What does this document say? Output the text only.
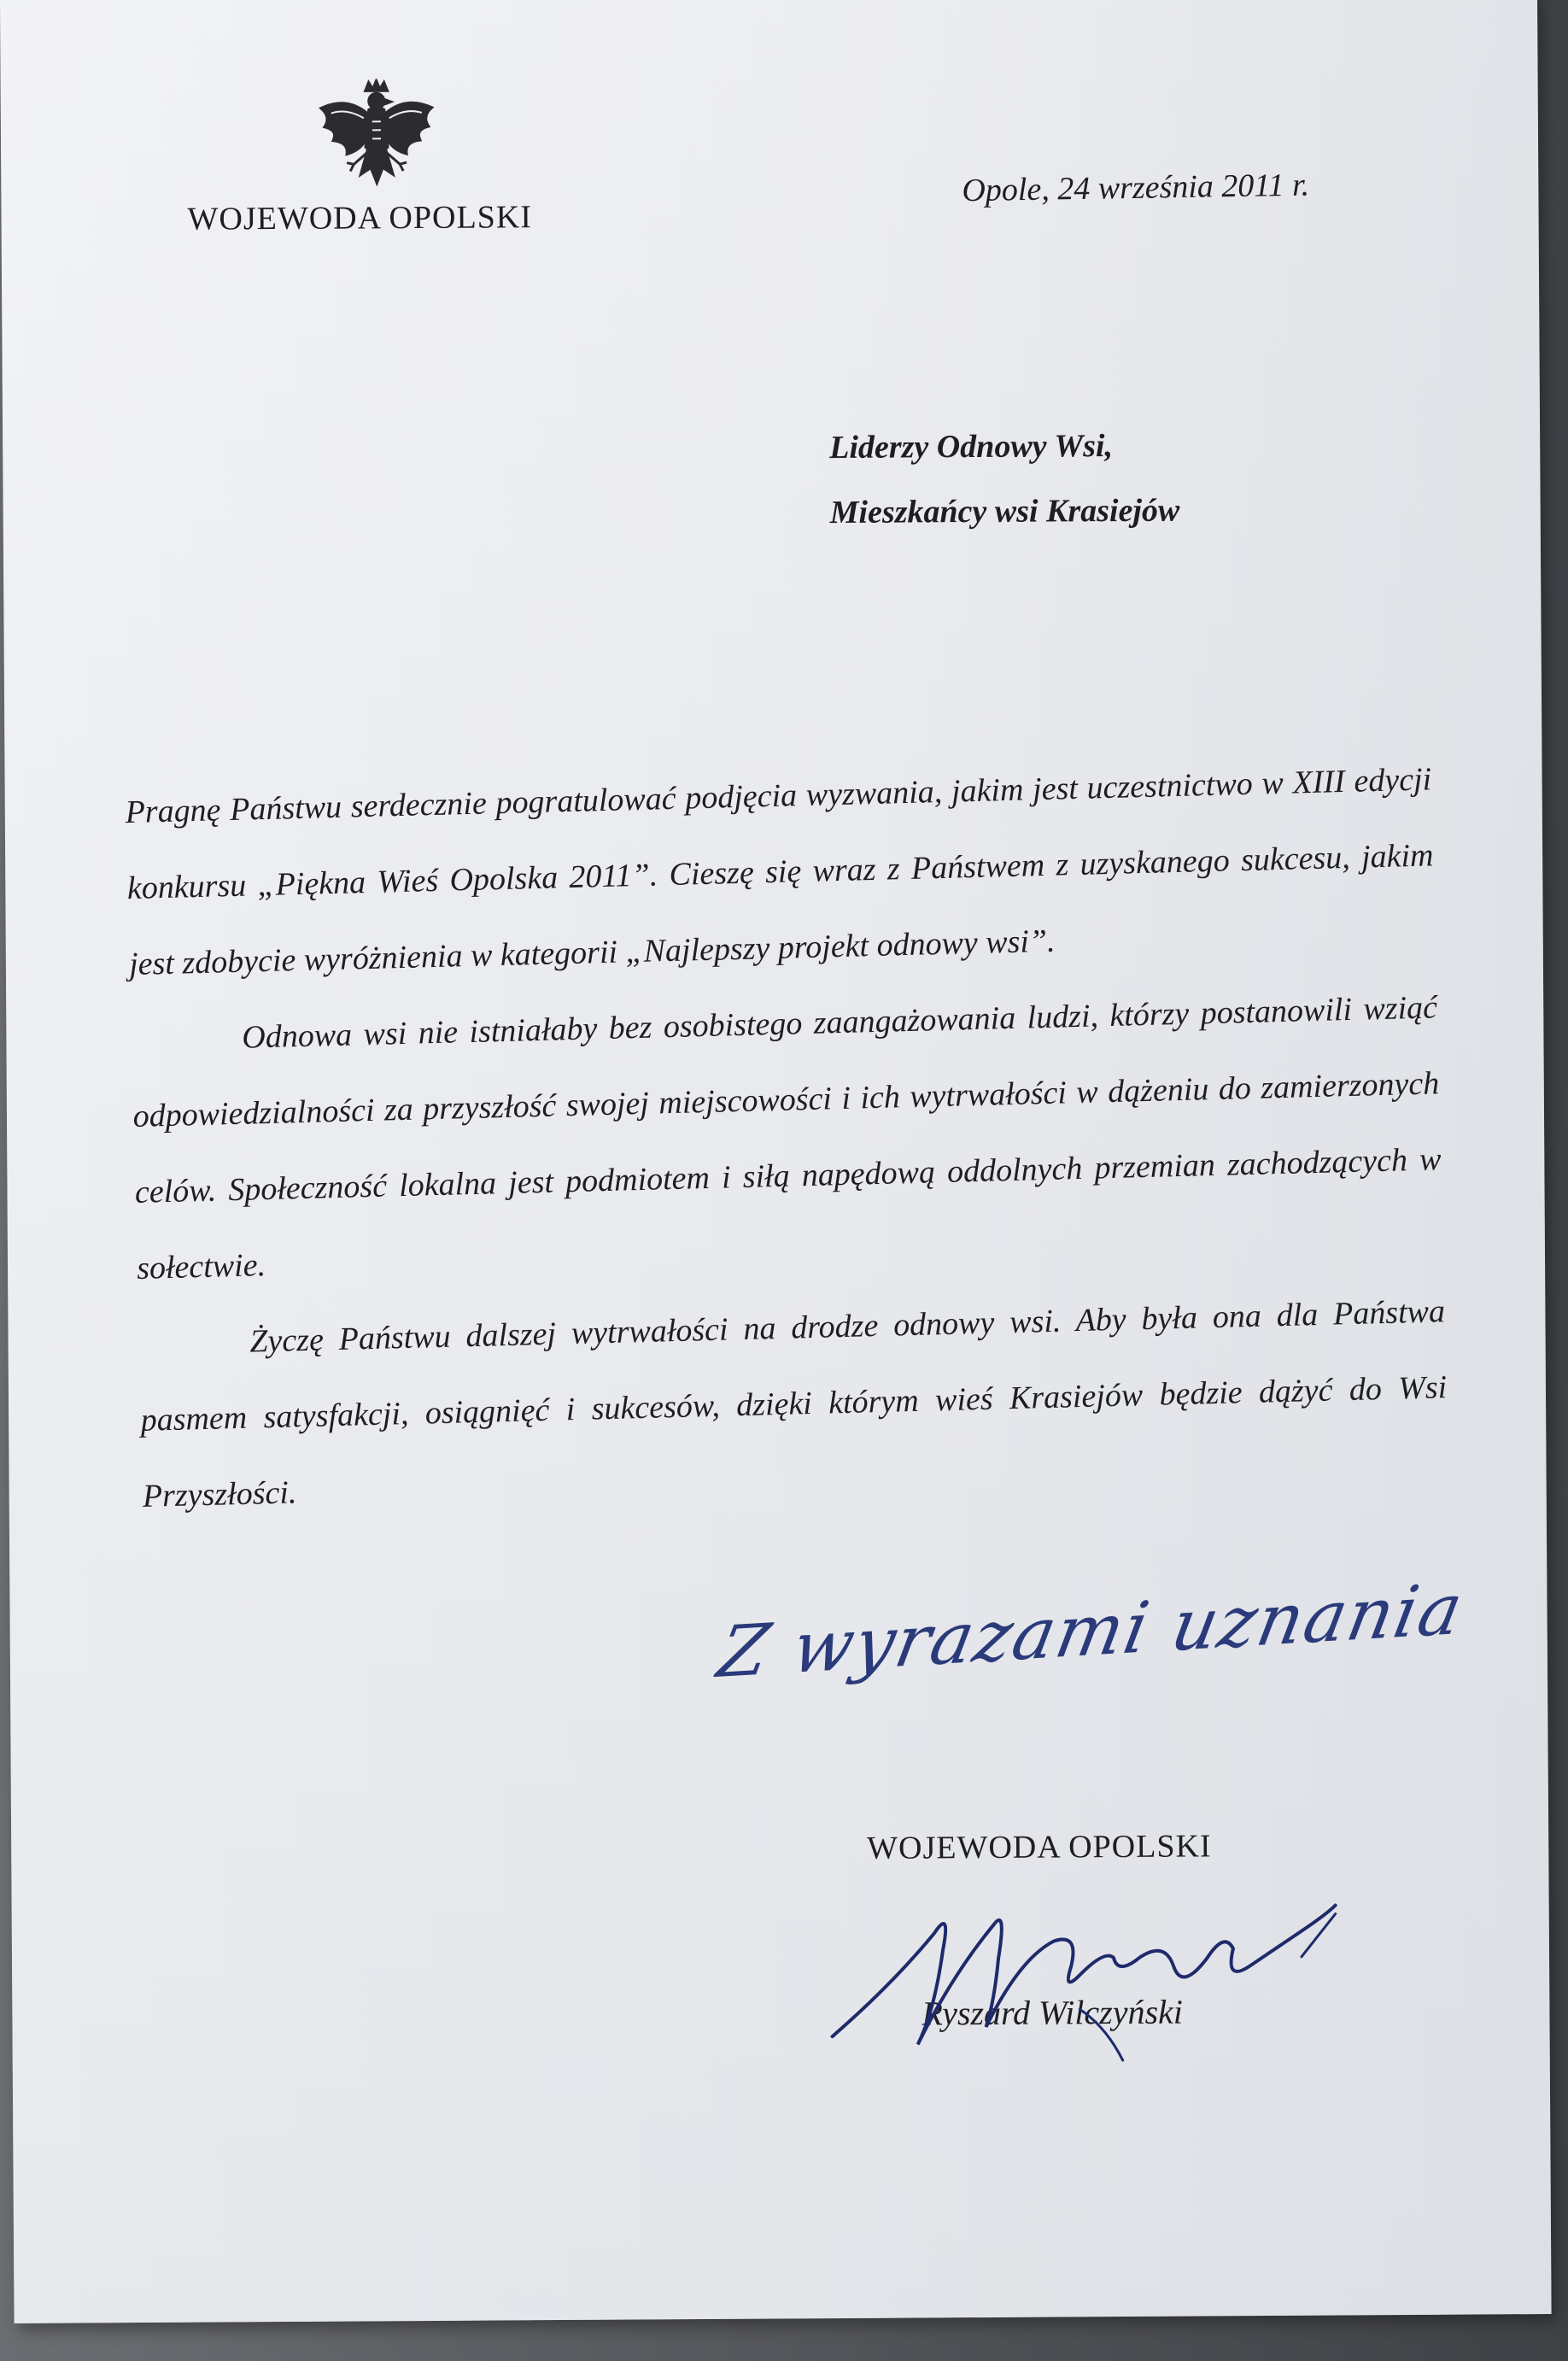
WOJEWODA OPOLSKI
Opole, 24 września 2011 r.
Liderzy Odnowy Wsi,
Mieszkańcy wsi Krasiejów

Pragnę Państwu serdecznie pogratulować podjęcia wyzwania, jakim jest uczestnictwo w XIII edycji konkursu „Piękna Wieś Opolska 2011”. Cieszę się wraz z Państwem z uzyskanego sukcesu, jakim jest zdobycie wyróżnienia w kategorii „Najlepszy projekt odnowy wsi”.

Odnowa wsi nie istniałaby bez osobistego zaangażowania ludzi, którzy postanowili wziąć odpowiedzialności za przyszłość swojej miejscowości i ich wytrwałości w dążeniu do zamierzonych celów. Społeczność lokalna jest podmiotem i siłą napędową oddolnych przemian zachodzących w sołectwie.

Życzę Państwu dalszej wytrwałości na drodze odnowy wsi. Aby była ona dla Państwa pasmem satysfakcji, osiągnięć i sukcesów, dzięki którym wieś Krasiejów będzie dążyć do Wsi Przyszłości.

Z wyrazami uznania
WOJEWODA OPOLSKI
Ryszard Wilczyński
